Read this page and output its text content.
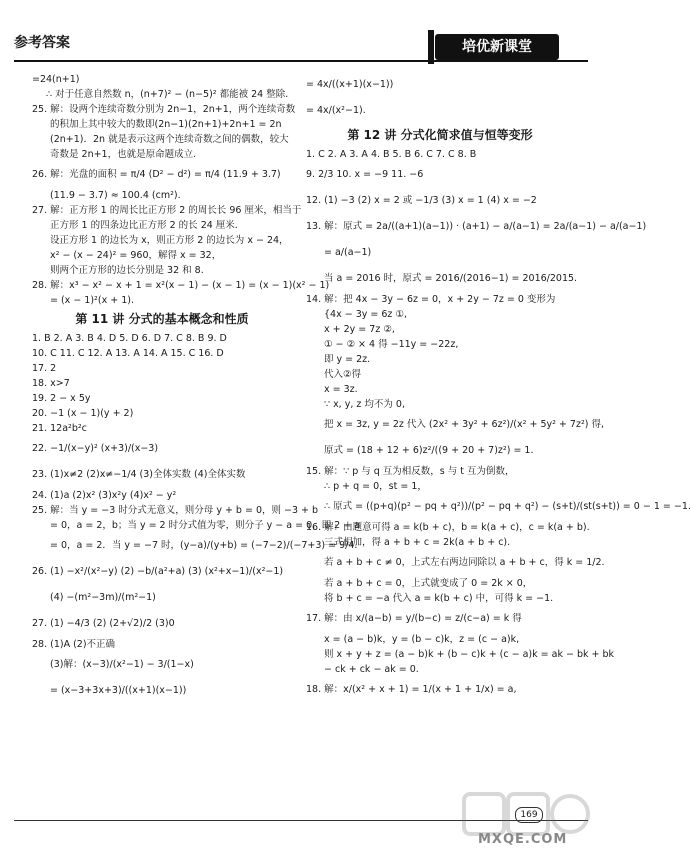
参考答案	培优新课堂
=24(n+1)
∴ 对于任意自然数 n，(n+7)² − (n−5)² 都能被 24 整除.
25. 解：设两个连续奇数分别为 2n−1，2n+1，两个连续奇数
的积加上其中较大的数即(2n−1)(2n+1)+2n+1 = 2n
(2n+1)．2n 就是表示这两个连续奇数之间的偶数，较大
奇数是 2n+1，也就是原命题成立.
26. 解：光盘的面积 = π/4 (D² − d²) = π/4 (11.9 + 3.7)
(11.9 − 3.7) ≈ 100.4 (cm²).
27. 解：正方形 1 的周长比正方形 2 的周长长 96 厘米，相当于
正方形 1 的四条边比正方形 2 的长 24 厘米.
设正方形 1 的边长为 x，则正方形 2 的边长为 x − 24，
x² − (x − 24)² = 960，解得 x = 32，
则两个正方形的边长分别是 32 和 8.
28. 解：x³ − x² − x + 1 = x²(x − 1) − (x − 1) = (x − 1)(x² − 1)
= (x − 1)²(x + 1).
第 11 讲 分式的基本概念和性质
1. B 2. A 3. B 4. D 5. D 6. D 7. C 8. B 9. D
10. C 11. C 12. A 13. A 14. A 15. C 16. D
17. 2
18. x>7
19. 2 − x 5y
20. −1 (x − 1)(y + 2)
21. 12a²b²c
22. −1/(x−y)² (x+3)/(x−3)
23. (1)x≠2 (2)x≠−1/4 (3)全体实数 (4)全体实数
24. (1)a (2)x² (3)x²y (4)x² − y²
25. 解：当 y = −3 时分式无意义，则分母 y + b = 0，则 −3 + b
= 0，a = 2，b；当 y = 2 时分式值为零，则分子 y − a = 0，即 2 − a
= 0，a = 2．当 y = −7 时，(y−a)/(y+b) = (−7−2)/(−7+3) = 9/4.
26. (1) −x²/(x²−y) (2) −b/(a²+a) (3) (x²+x−1)/(x²−1)
(4) −(m²−3m)/(m²−1)
27. (1) −4/3 (2) (2+√2)/2 (3)0
28. (1)A (2)不正确
(3)解：(x−3)/(x²−1) − 3/(1−x)
= (x−3+3x+3)/((x+1)(x−1))
= 4x/((x+1)(x−1))
= 4x/(x²−1).
第 12 讲 分式化简求值与恒等变形
1. C 2. A 3. A 4. B 5. B 6. C 7. C 8. B
9. 2/3 10. x = −9 11. −6
12. (1) −3 (2) x = 2 或 −1/3 (3) x = 1 (4) x = −2
13. 解：原式 = 2a/((a+1)(a−1)) · (a+1) − a/(a−1) = 2a/(a−1) − a/(a−1)
= a/(a−1)
当 a = 2016 时，原式 = 2016/(2016−1) = 2016/2015.
14. 解：把 4x − 3y − 6z = 0，x + 2y − 7z = 0 变形为
{4x − 3y = 6z ①,
x + 2y = 7z ②,
① − ② × 4 得 −11y = −22z,
即 y = 2z.
代入②得
x = 3z.
∵ x, y, z 均不为 0,
把 x = 3z, y = 2z 代入 (2x² + 3y² + 6z²)/(x² + 5y² + 7z²) 得,
原式 = (18 + 12 + 6)z²/((9 + 20 + 7)z²) = 1.
15. 解：∵ p 与 q 互为相反数，s 与 t 互为倒数，
∴ p + q = 0，st = 1，
∴ 原式 = ((p+q)(p² − pq + q²))/(p² − pq + q²) − (s+t)/(st(s+t)) = 0 − 1 = −1.
16. 解：由题意可得 a = k(b + c)，b = k(a + c)，c = k(a + b).
三式相加，得 a + b + c = 2k(a + b + c).
若 a + b + c ≠ 0，上式左右两边同除以 a + b + c，得 k = 1/2.
若 a + b + c = 0，上式就变成了 0 = 2k × 0，
将 b + c = −a 代入 a = k(b + c) 中，可得 k = −1.
17. 解：由 x/(a−b) = y/(b−c) = z/(c−a) = k 得
x = (a − b)k，y = (b − c)k，z = (c − a)k,
则 x + y + z = (a − b)k + (b − c)k + (c − a)k = ak − bk + bk
− ck + ck − ak = 0.
18. 解：x/(x² + x + 1) = 1/(x + 1 + 1/x) = a,
169
MXQE.COM
